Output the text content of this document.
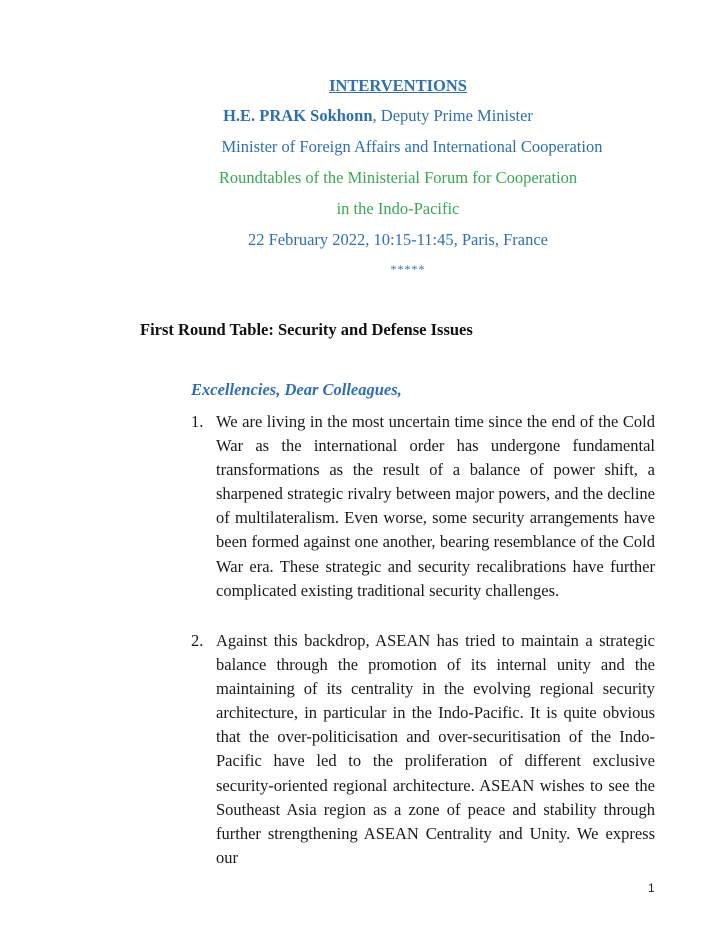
INTERVENTIONS
H.E. PRAK Sokhonn, Deputy Prime Minister
Minister of Foreign Affairs and International Cooperation
Roundtables of the Ministerial Forum for Cooperation
in the Indo-Pacific
22 February 2022, 10:15-11:45, Paris, France
*****
First Round Table: Security and Defense Issues
Excellencies, Dear Colleagues,
1. We are living in the most uncertain time since the end of the Cold War as the international order has undergone fundamental transformations as the result of a balance of power shift, a sharpened strategic rivalry between major powers, and the decline of multilateralism. Even worse, some security arrangements have been formed against one another, bearing resemblance of the Cold War era. These strategic and security recalibrations have further complicated existing traditional security challenges.
2. Against this backdrop, ASEAN has tried to maintain a strategic balance through the promotion of its internal unity and the maintaining of its centrality in the evolving regional security architecture, in particular in the Indo-Pacific. It is quite obvious that the over-politicisation and over-securitisation of the Indo-Pacific have led to the proliferation of different exclusive security-oriented regional architecture. ASEAN wishes to see the Southeast Asia region as a zone of peace and stability through further strengthening ASEAN Centrality and Unity. We express our
1
